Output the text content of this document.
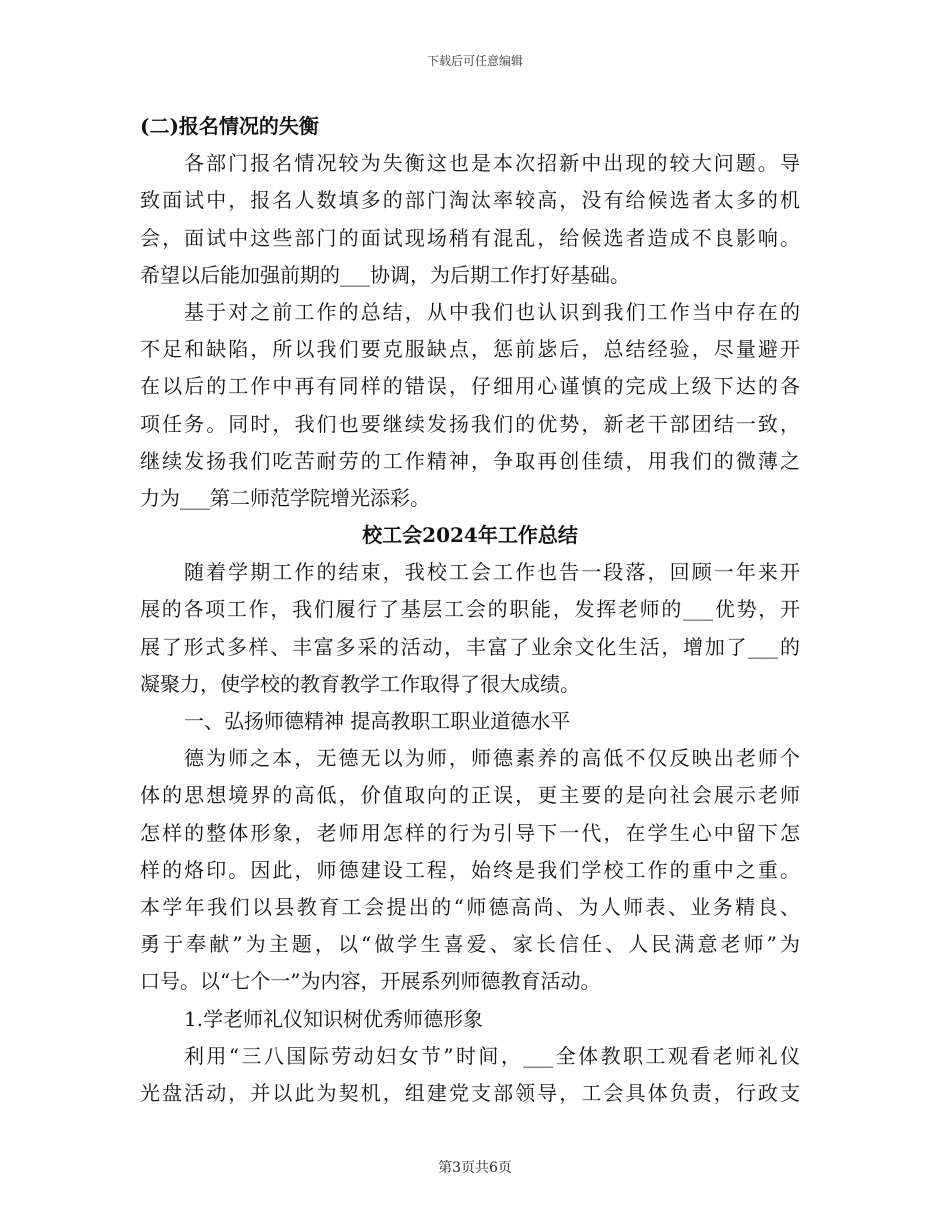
下载后可任意编辑
(二)报名情况的失衡
各部门报名情况较为失衡这也是本次招新中出现的较大问题。导
致面试中，报名人数填多的部门淘汰率较高，没有给候选者太多的机
会，面试中这些部门的面试现场稍有混乱，给候选者造成不良影响。
希望以后能加强前期的___协调，为后期工作打好基础。
基于对之前工作的总结，从中我们也认识到我们工作当中存在的
不足和缺陷，所以我们要克服缺点，惩前毖后，总结经验，尽量避开
在以后的工作中再有同样的错误，仔细用心谨慎的完成上级下达的各
项任务。同时，我们也要继续发扬我们的优势，新老干部团结一致，
继续发扬我们吃苦耐劳的工作精神，争取再创佳绩，用我们的微薄之
力为___第二师范学院增光添彩。
校工会2024年工作总结
随着学期工作的结束，我校工会工作也告一段落，回顾一年来开
展的各项工作，我们履行了基层工会的职能，发挥老师的___优势，开
展了形式多样、丰富多采的活动，丰富了业余文化生活，增加了___的
凝聚力，使学校的教育教学工作取得了很大成绩。
一、弘扬师德精神 提高教职工职业道德水平
德为师之本，无德无以为师，师德素养的高低不仅反映出老师个
体的思想境界的高低，价值取向的正误，更主要的是向社会展示老师
怎样的整体形象，老师用怎样的行为引导下一代，在学生心中留下怎
样的烙印。因此，师德建设工程，始终是我们学校工作的重中之重。
本学年我们以县教育工会提出的“师德高尚、为人师表、业务精良、
勇于奉献”为主题，以“做学生喜爱、家长信任、人民满意老师”为
口号。以“七个一”为内容，开展系列师德教育活动。
1.学老师礼仪知识树优秀师德形象
利用“三八国际劳动妇女节”时间，___全体教职工观看老师礼仪
光盘活动，并以此为契机，组建党支部领导，工会具体负责，行政支
第3页共6页
